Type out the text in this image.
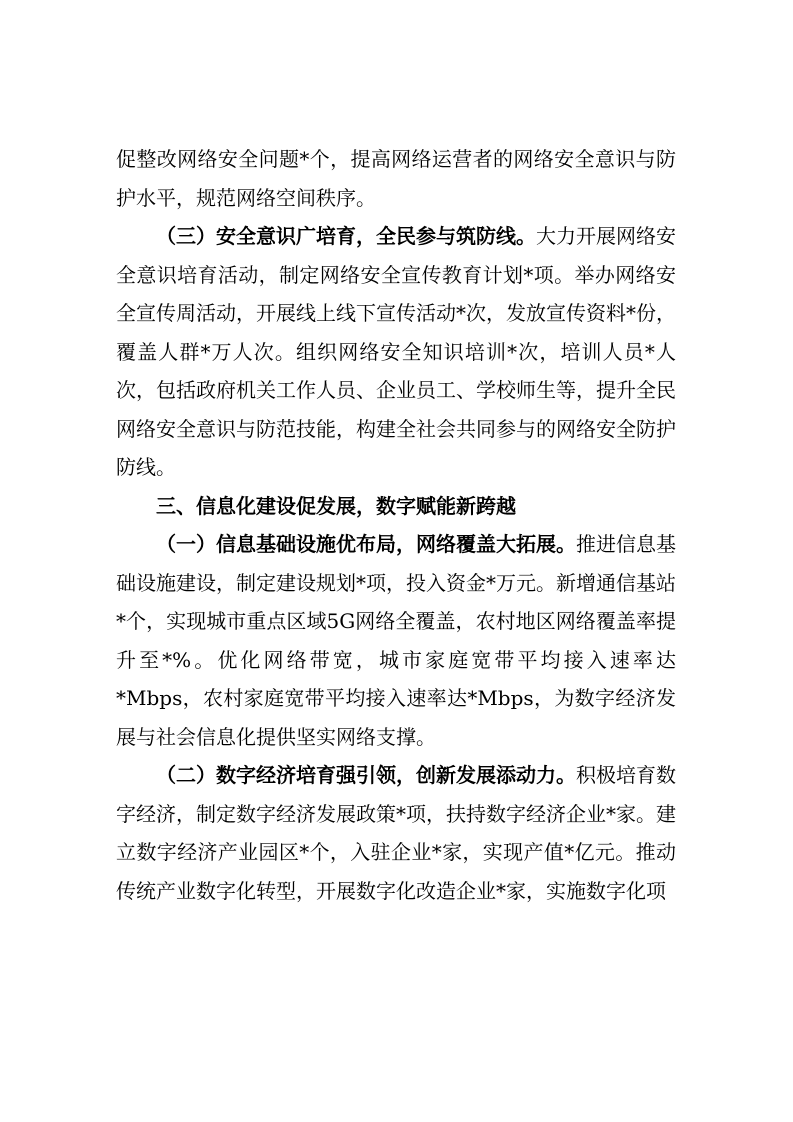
促整改网络安全问题*个，提高网络运营者的网络安全意识与防护水平，规范网络空间秩序。

（三）安全意识广培育，全民参与筑防线。大力开展网络安全意识培育活动，制定网络安全宣传教育计划*项。举办网络安全宣传周活动，开展线上线下宣传活动*次，发放宣传资料*份，覆盖人群*万人次。组织网络安全知识培训*次，培训人员*人次，包括政府机关工作人员、企业员工、学校师生等，提升全民网络安全意识与防范技能，构建全社会共同参与的网络安全防护防线。

三、信息化建设促发展，数字赋能新跨越

（一）信息基础设施优布局，网络覆盖大拓展。推进信息基础设施建设，制定建设规划*项，投入资金*万元。新增通信基站*个，实现城市重点区域5G网络全覆盖，农村地区网络覆盖率提升至*%。优化网络带宽，城市家庭宽带平均接入速率达*Mbps，农村家庭宽带平均接入速率达*Mbps，为数字经济发展与社会信息化提供坚实网络支撑。

（二）数字经济培育强引领，创新发展添动力。积极培育数字经济，制定数字经济发展政策*项，扶持数字经济企业*家。建立数字经济产业园区*个，入驻企业*家，实现产值*亿元。推动传统产业数字化转型，开展数字化改造企业*家，实施数字化项
